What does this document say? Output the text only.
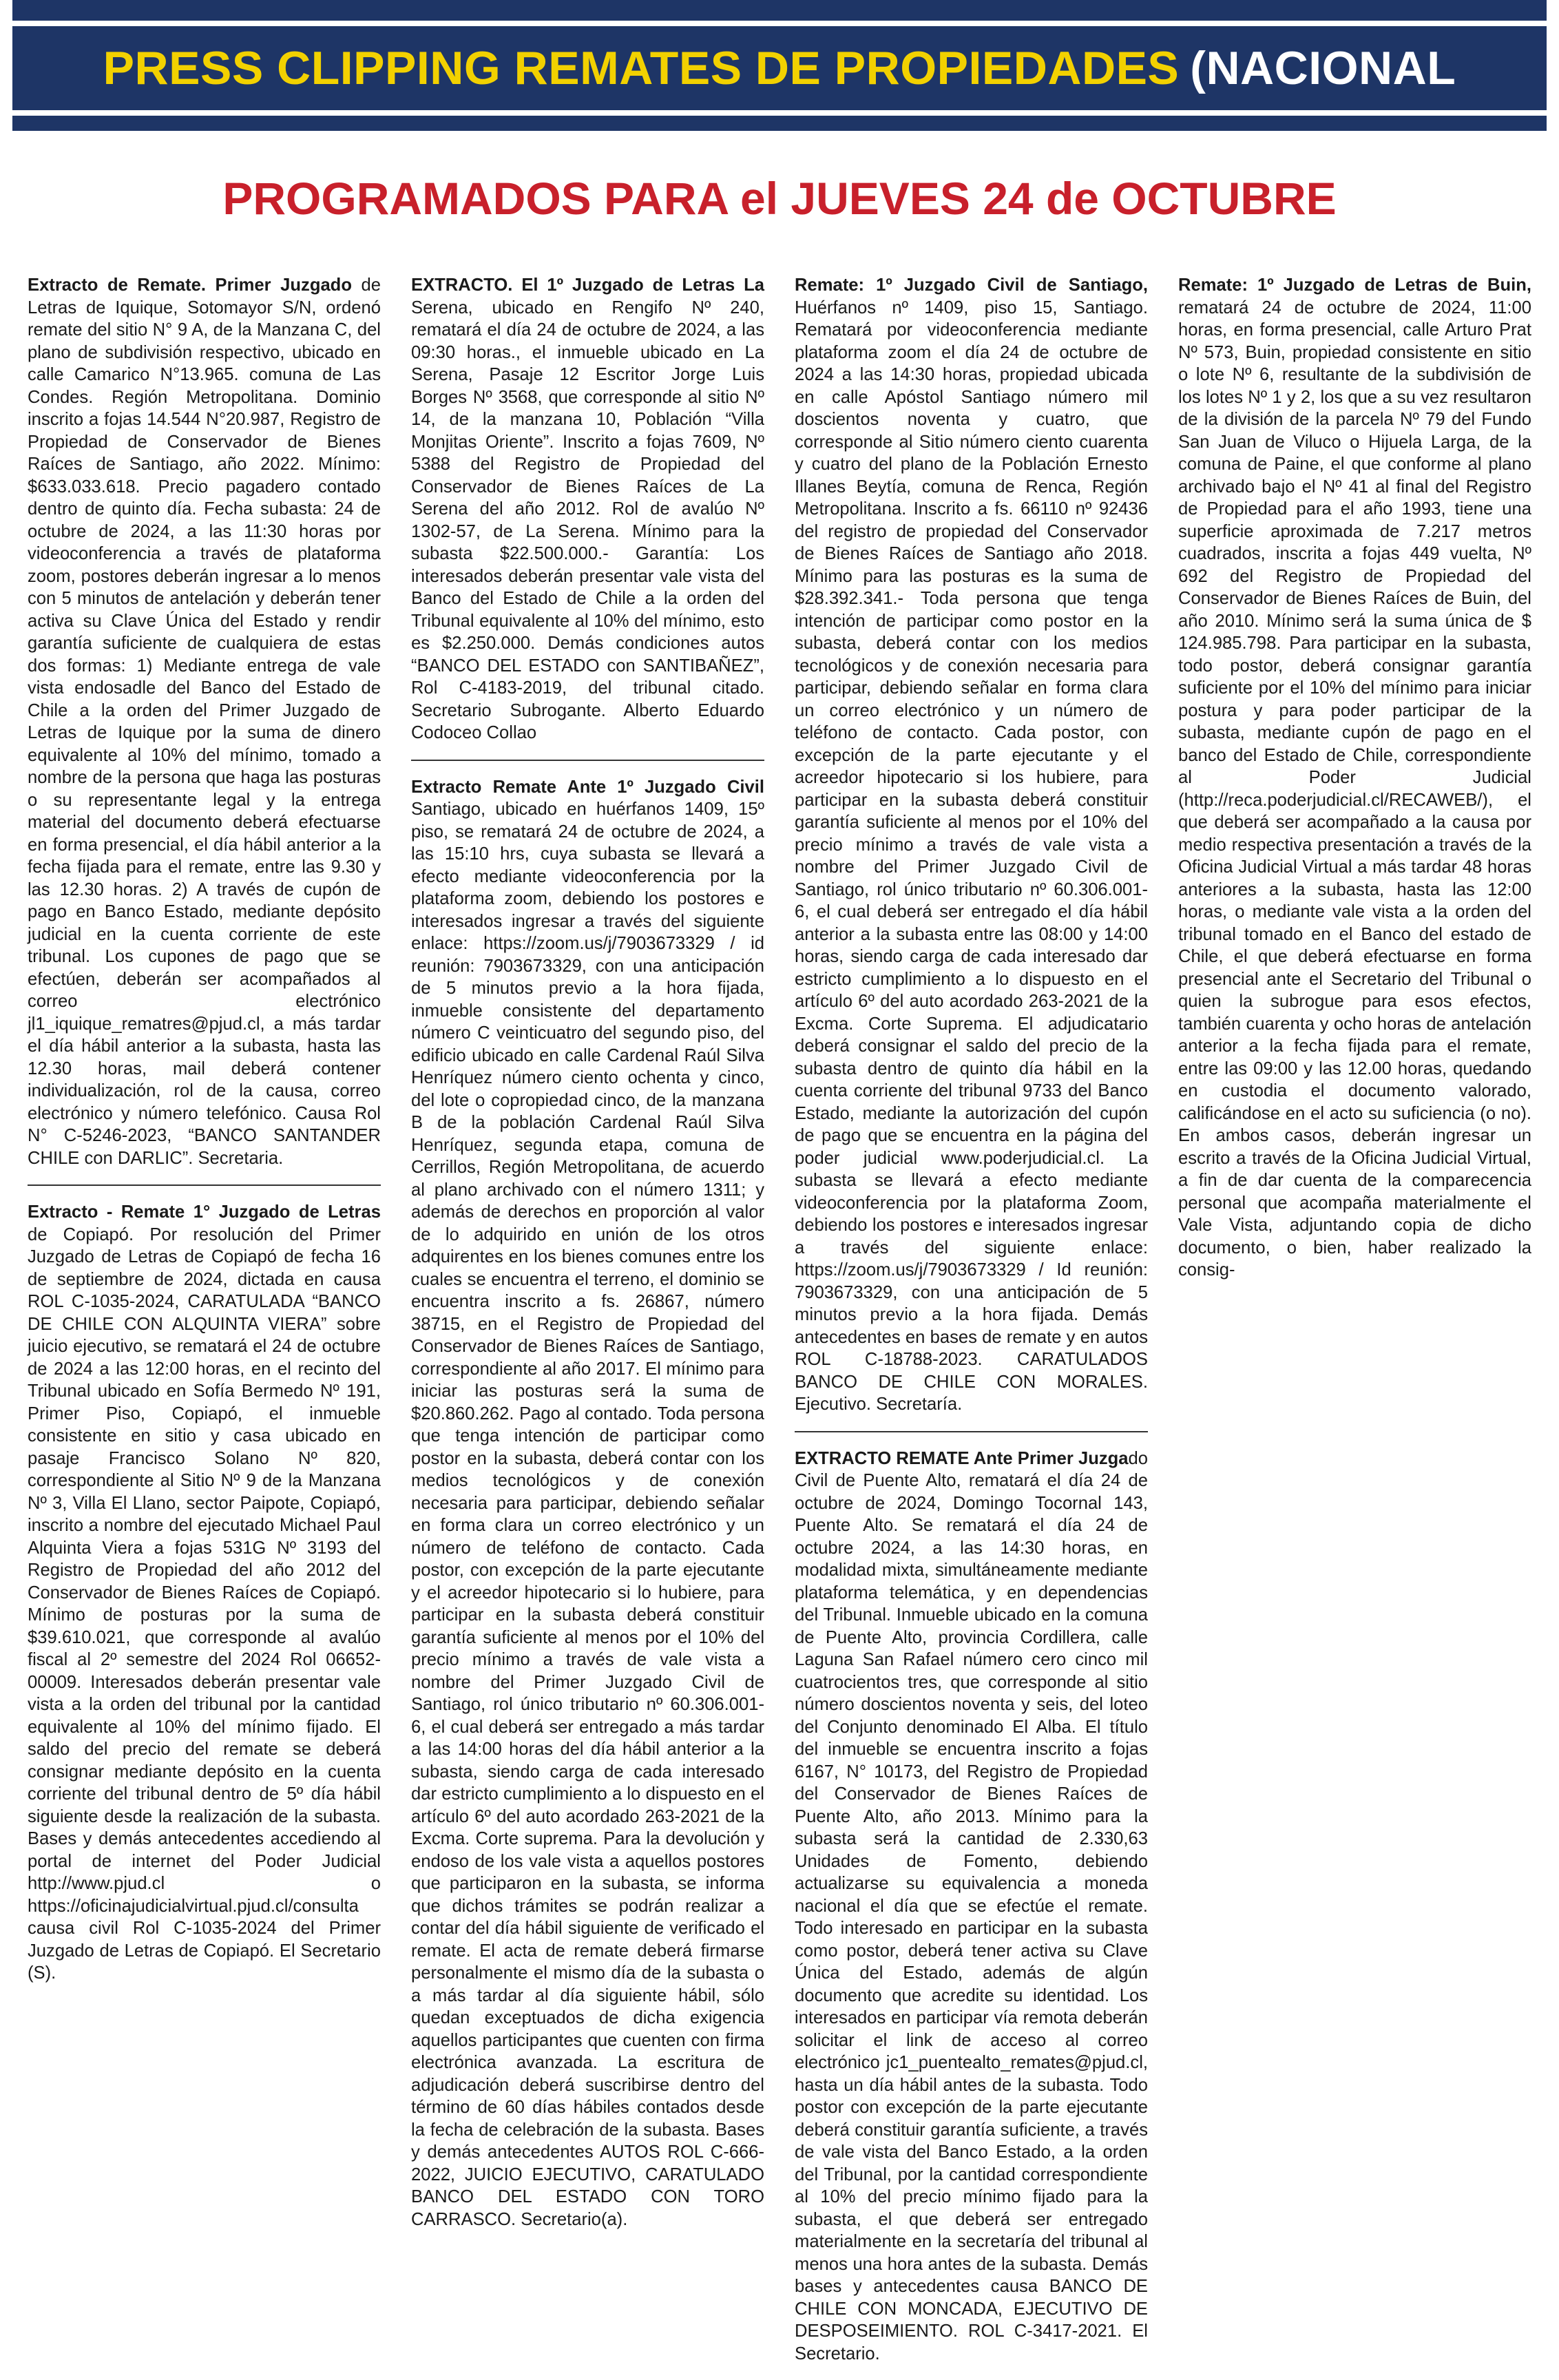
PRESS CLIPPING REMATES DE PROPIEDADES (NACIONAL
PROGRAMADOS PARA el JUEVES 24 de OCTUBRE

Extracto de Remate. Primer Juzgado de Letras de Iquique, Sotomayor S/N, ordenó remate del sitio N° 9 A, de la Manzana C, del plano de subdivisión respectivo, ubicado en calle Camarico N°13.965. comuna de Las Condes. Región Metropolitana. Dominio inscrito a fojas 14.544 N°20.987, Registro de Propiedad de Conservador de Bienes Raíces de Santiago, año 2022. Mínimo: $633.033.618. Precio pagadero contado dentro de quinto día. Fecha subasta: 24 de octubre de 2024, a las 11:30 horas por videoconferencia a través de plataforma zoom, postores deberán ingresar a lo menos con 5 minutos de antelación y deberán tener activa su Clave Única del Estado y rendir garantía suficiente de cualquiera de estas dos formas: 1) Mediante entrega de vale vista endosadle del Banco del Estado de Chile a la orden del Primer Juzgado de Letras de Iquique por la suma de dinero equivalente al 10% del mínimo, tomado a nombre de la persona que haga las posturas o su representante legal y la entrega material del documento deberá efectuarse en forma presencial, el día hábil anterior a la fecha fijada para el remate, entre las 9.30 y las 12.30 horas. 2) A través de cupón de pago en Banco Estado, mediante depósito judicial en la cuenta corriente de este tribunal. Los cupones de pago que se efectúen, deberán ser acompañados al correo electrónico jl1_iquique_rematres@pjud.cl, a más tardar el día hábil anterior a la subasta, hasta las 12.30 horas, mail deberá contener individualización, rol de la causa, correo electrónico y número telefónico. Causa Rol N° C-5246-2023, “BANCO SANTANDER CHILE con DARLIC”. Secretaria.

Extracto - Remate 1° Juzgado de Letras de Copiapó. Por resolución del Primer Juzgado de Letras de Copiapó de fecha 16 de septiembre de 2024, dictada en causa ROL C-1035-2024, CARATULADA “BANCO DE CHILE CON ALQUINTA VIERA” sobre juicio ejecutivo, se rematará el 24 de octubre de 2024 a las 12:00 horas, en el recinto del Tribunal ubicado en Sofía Bermedo Nº 191, Primer Piso, Copiapó, el inmueble consistente en sitio y casa ubicado en pasaje Francisco Solano Nº 820, correspondiente al Sitio Nº 9 de la Manzana Nº 3, Villa El Llano, sector Paipote, Copiapó, inscrito a nombre del ejecutado Michael Paul Alquinta Viera a fojas 531G Nº 3193 del Registro de Propiedad del año 2012 del Conservador de Bienes Raíces de Copiapó. Mínimo de posturas por la suma de $39.610.021, que corresponde al avalúo fiscal al 2º semestre del 2024 Rol 06652-00009. Interesados deberán presentar vale vista a la orden del tribunal por la cantidad equivalente al 10% del mínimo fijado. El saldo del precio del remate se deberá consignar mediante depósito en la cuenta corriente del tribunal dentro de 5º día hábil siguiente desde la realización de la subasta. Bases y demás antecedentes accediendo al portal de internet del Poder Judicial http://www.pjud.cl o https://oficinajudicialvirtual.pjud.cl/consulta causa civil Rol C-1035-2024 del Primer Juzgado de Letras de Copiapó. El Secretario (S).

EXTRACTO. El 1º Juzgado de Letras La Serena, ubicado en Rengifo Nº 240, rematará el día 24 de octubre de 2024, a las 09:30 horas., el inmueble ubicado en La Serena, Pasaje 12 Escritor Jorge Luis Borges Nº 3568, que corresponde al sitio Nº 14, de la manzana 10, Población “Villa Monjitas Oriente”. Inscrito a fojas 7609, Nº 5388 del Registro de Propiedad del Conservador de Bienes Raíces de La Serena del año 2012. Rol de avalúo Nº 1302-57, de La Serena. Mínimo para la subasta $22.500.000.- Garantía: Los interesados deberán presentar vale vista del Banco del Estado de Chile a la orden del Tribunal equivalente al 10% del mínimo, esto es $2.250.000. Demás condiciones autos “BANCO DEL ESTADO con SANTIBAÑEZ”, Rol C-4183-2019, del tribunal citado. Secretario Subrogante. Alberto Eduardo Codoceo Collao

Extracto Remate Ante 1º Juzgado Civil Santiago, ubicado en huérfanos 1409, 15º piso, se rematará 24 de octubre de 2024, a las 15:10 hrs, cuya subasta se llevará a efecto mediante videoconferencia por la plataforma zoom, debiendo los postores e interesados ingresar a través del siguiente enlace: https://zoom.us/j/7903673329 / id reunión: 7903673329, con una anticipación de 5 minutos previo a la hora fijada, inmueble consistente del departamento número C veinticuatro del segundo piso, del edificio ubicado en calle Cardenal Raúl Silva Henríquez número ciento ochenta y cinco, del lote o copropiedad cinco, de la manzana B de la población Cardenal Raúl Silva Henríquez, segunda etapa, comuna de Cerrillos, Región Metropolitana, de acuerdo al plano archivado con el número 1311; y además de derechos en proporción al valor de lo adquirido en unión de los otros adquirentes en los bienes comunes entre los cuales se encuentra el terreno, el dominio se encuentra inscrito a fs. 26867, número 38715, en el Registro de Propiedad del Conservador de Bienes Raíces de Santiago, correspondiente al año 2017. El mínimo para iniciar las posturas será la suma de $20.860.262. Pago al contado. Toda persona que tenga intención de participar como postor en la subasta, deberá contar con los medios tecnológicos y de conexión necesaria para participar, debiendo señalar en forma clara un correo electrónico y un número de teléfono de contacto. Cada postor, con excepción de la parte ejecutante y el acreedor hipotecario si lo hubiere, para participar en la subasta deberá constituir garantía suficiente al menos por el 10% del precio mínimo a través de vale vista a nombre del Primer Juzgado Civil de Santiago, rol único tributario nº 60.306.001-6, el cual deberá ser entregado a más tardar a las 14:00 horas del día hábil anterior a la subasta, siendo carga de cada interesado dar estricto cumplimiento a lo dispuesto en el artículo 6º del auto acordado 263-2021 de la Excma. Corte suprema. Para la devolución y endoso de los vale vista a aquellos postores que participaron en la subasta, se informa que dichos trámites se podrán realizar a contar del día hábil siguiente de verificado el remate. El acta de remate deberá firmarse personalmente el mismo día de la subasta o a más tardar al día siguiente hábil, sólo quedan exceptuados de dicha exigencia aquellos participantes que cuenten con firma electrónica avanzada. La escritura de adjudicación deberá suscribirse dentro del término de 60 días hábiles contados desde la fecha de celebración de la subasta. Bases y demás antecedentes AUTOS ROL C-666-2022, JUICIO EJECUTIVO, CARATULADO BANCO DEL ESTADO CON TORO CARRASCO. Secretario(a).

Remate: 1º Juzgado Civil de Santiago, Huérfanos nº 1409, piso 15, Santiago. Rematará por videoconferencia mediante plataforma zoom el día 24 de octubre de 2024 a las 14:30 horas, propiedad ubicada en calle Apóstol Santiago número mil doscientos noventa y cuatro, que corresponde al Sitio número ciento cuarenta y cuatro del plano de la Población Ernesto Illanes Beytía, comuna de Renca, Región Metropolitana. Inscrito a fs. 66110 nº 92436 del registro de propiedad del Conservador de Bienes Raíces de Santiago año 2018. Mínimo para las posturas es la suma de $28.392.341.- Toda persona que tenga intención de participar como postor en la subasta, deberá contar con los medios tecnológicos y de conexión necesaria para participar, debiendo señalar en forma clara un correo electrónico y un número de teléfono de contacto. Cada postor, con excepción de la parte ejecutante y el acreedor hipotecario si los hubiere, para participar en la subasta deberá constituir garantía suficiente al menos por el 10% del precio mínimo a través de vale vista a nombre del Primer Juzgado Civil de Santiago, rol único tributario nº 60.306.001-6, el cual deberá ser entregado el día hábil anterior a la subasta entre las 08:00 y 14:00 horas, siendo carga de cada interesado dar estricto cumplimiento a lo dispuesto en el artículo 6º del auto acordado 263-2021 de la Excma. Corte Suprema. El adjudicatario deberá consignar el saldo del precio de la subasta dentro de quinto día hábil en la cuenta corriente del tribunal 9733 del Banco Estado, mediante la autorización del cupón de pago que se encuentra en la página del poder judicial www.poderjudicial.cl. La subasta se llevará a efecto mediante videoconferencia por la plataforma Zoom, debiendo los postores e interesados ingresar a través del siguiente enlace: https://zoom.us/j/7903673329 / Id reunión: 7903673329, con una anticipación de 5 minutos previo a la hora fijada. Demás antecedentes en bases de remate y en autos ROL C-18788-2023. CARATULADOS BANCO DE CHILE CON MORALES. Ejecutivo. Secretaría.

EXTRACTO REMATE Ante Primer Juzgado Civil de Puente Alto, rematará el día 24 de octubre de 2024, Domingo Tocornal 143, Puente Alto. Se rematará el día 24 de octubre 2024, a las 14:30 horas, en modalidad mixta, simultáneamente mediante plataforma telemática, y en dependencias del Tribunal. Inmueble ubicado en la comuna de Puente Alto, provincia Cordillera, calle Laguna San Rafael número cero cinco mil cuatrocientos tres, que corresponde al sitio número doscientos noventa y seis, del loteo del Conjunto denominado El Alba. El título del inmueble se encuentra inscrito a fojas 6167, N° 10173, del Registro de Propiedad del Conservador de Bienes Raíces de Puente Alto, año 2013. Mínimo para la subasta será la cantidad de 2.330,63 Unidades de Fomento, debiendo actualizarse su equivalencia a moneda nacional el día que se efectúe el remate. Todo interesado en participar en la subasta como postor, deberá tener activa su Clave Única del Estado, además de algún documento que acredite su identidad. Los interesados en participar vía remota deberán solicitar el link de acceso al correo electrónico jc1_puentealto_remates@pjud.cl, hasta un día hábil antes de la subasta. Todo postor con excepción de la parte ejecutante deberá constituir garantía suficiente, a través de vale vista del Banco Estado, a la orden del Tribunal, por la cantidad correspondiente al 10% del precio mínimo fijado para la subasta, el que deberá ser entregado materialmente en la secretaría del tribunal al menos una hora antes de la subasta. Demás bases y antecedentes causa BANCO DE CHILE CON MONCADA, EJECUTIVO DE DESPOSEIMIENTO. ROL C-3417-2021. El Secretario.

Remate: 1º Juzgado de Letras de Buin, rematará 24 de octubre de 2024, 11:00 horas, en forma presencial, calle Arturo Prat Nº 573, Buin, propiedad consistente en sitio o lote Nº 6, resultante de la subdivisión de los lotes Nº 1 y 2, los que a su vez resultaron de la división de la parcela Nº 79 del Fundo San Juan de Viluco o Hijuela Larga, de la comuna de Paine, el que conforme al plano archivado bajo el Nº 41 al final del Registro de Propiedad para el año 1993, tiene una superficie aproximada de 7.217 metros cuadrados, inscrita a fojas 449 vuelta, Nº 692 del Registro de Propiedad del Conservador de Bienes Raíces de Buin, del año 2010. Mínimo será la suma única de $ 124.985.798. Para participar en la subasta, todo postor, deberá consignar garantía suficiente por el 10% del mínimo para iniciar postura y para poder participar de la subasta, mediante cupón de pago en el banco del Estado de Chile, correspondiente al Poder Judicial (http://reca.poderjudicial.cl/RECAWEB/), el que deberá ser acompañado a la causa por medio respectiva presentación a través de la Oficina Judicial Virtual a más tardar 48 horas anteriores a la subasta, hasta las 12:00 horas, o mediante vale vista a la orden del tribunal tomado en el Banco del estado de Chile, el que deberá efectuarse en forma presencial ante el Secretario del Tribunal o quien la subrogue para esos efectos, también cuarenta y ocho horas de antelación anterior a la fecha fijada para el remate, entre las 09:00 y las 12.00 horas, quedando en custodia el documento valorado, calificándose en el acto su suficiencia (o no). En ambos casos, deberán ingresar un escrito a través de la Oficina Judicial Virtual, a fin de dar cuenta de la comparecencia personal que acompaña materialmente el Vale Vista, adjuntando copia de dicho documento, o bien, haber realizado la consig-
